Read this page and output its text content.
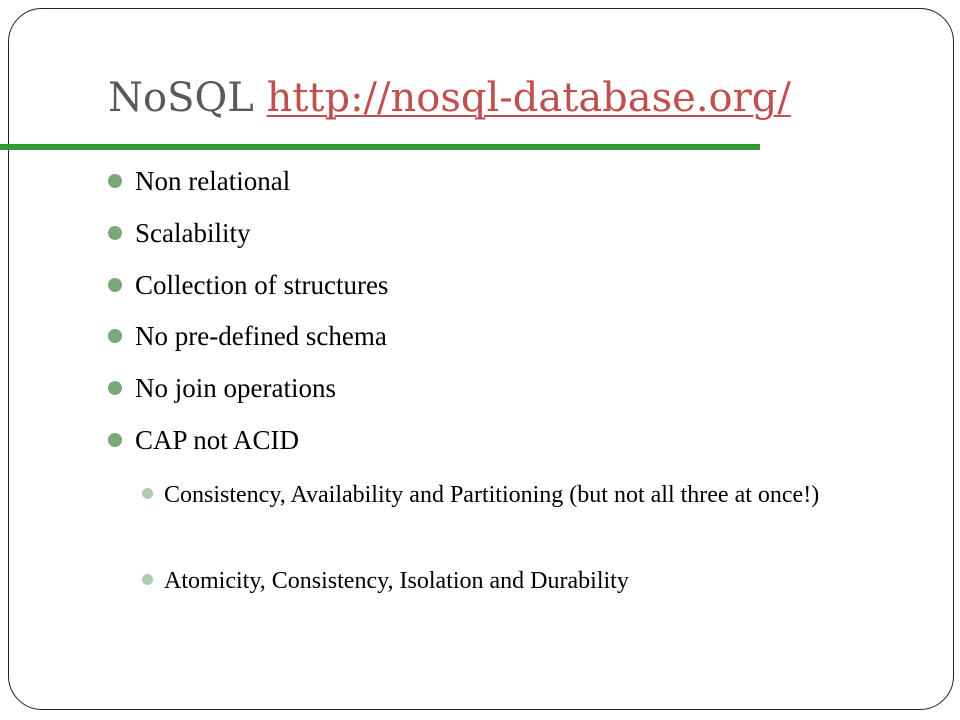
NoSQL http://nosql-database.org/

Non relational

Scalability

Collection of structures

No pre-defined schema

No join operations

CAP not ACID

Consistency, Availability and Partitioning (but not all three at once!)

Atomicity, Consistency, Isolation and Durability
